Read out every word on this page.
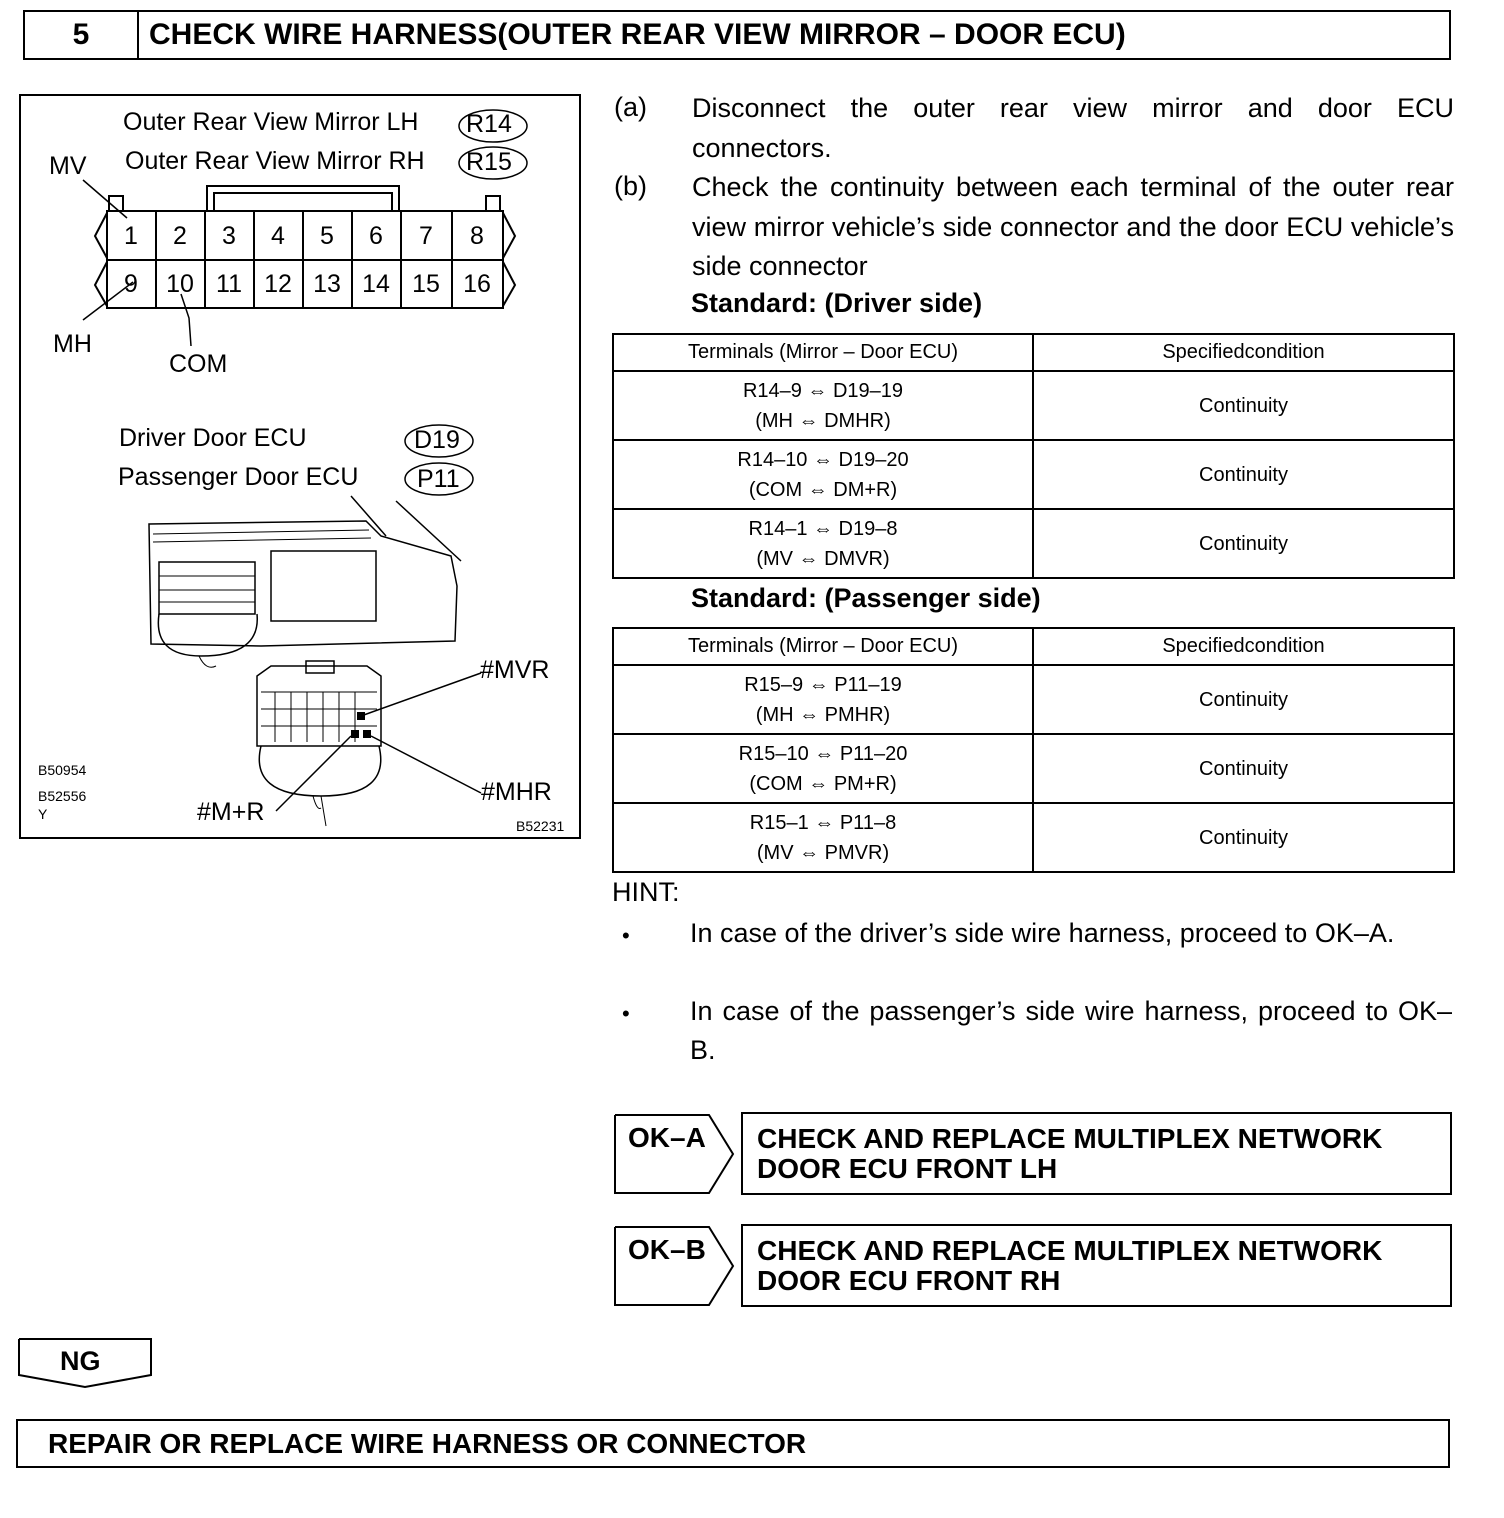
5	CHECK WIRE HARNESS(OUTER REAR VIEW MIRROR – DOOR ECU)
Outer Rear View Mirror LH R14
Outer Rear View Mirror RH R15
MV
MH
COM
Driver Door ECU	D19
Passenger Door ECU P11
#MVR
#MHR
#M+R
B50954
B52556
Y
B52231
1 2 3 4 5 6 7 8
9	10 11 12 13 14 15 16
(a) Disconnect the outer rear view mirror and door ECU connectors.
(b) Check the continuity between each terminal of the outer rear view mirror vehicle’s side connector and the door ECU vehicle’s side connector
Standard: (Driver side)
Terminals (Mirror – Door ECU)	Specifiedcondition

R14–9 ⇔ D19–19
(MH ⇔ DMHR)	Continuity

R14–10 ⇔ D19–20
(COM ⇔ DM+R)	Continuity

R14–1 ⇔ D19–8
(MV ⇔ DMVR)	Continuity
Standard: (Passenger side)
Terminals (Mirror – Door ECU)	Specifiedcondition

R15–9 ⇔ P11–19
(MH ⇔ PMHR)	Continuity

R15–10 ⇔ P11–20
(COM ⇔ PM+R)	Continuity

R15–1 ⇔ P11–8
(MV ⇔ PMVR)	Continuity
HINT:
• In case of the driver’s side wire harness, proceed to OK–A.
• In case of the passenger’s side wire harness, proceed to OK–B.
OK–A CHECK AND REPLACE MULTIPLEX NETWORK
DOOR ECU FRONT LH
OK–B CHECK AND REPLACE MULTIPLEX NETWORK
DOOR ECU FRONT RH
NG
REPAIR OR REPLACE WIRE HARNESS OR CONNECTOR
